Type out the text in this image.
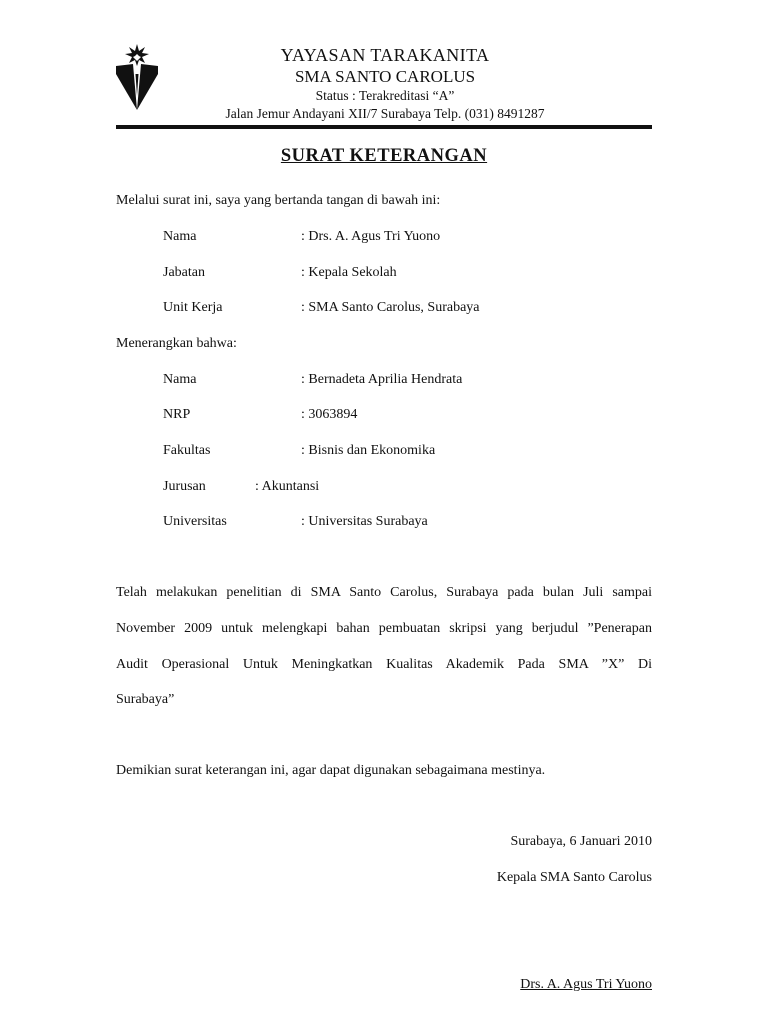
YAYASAN TARAKANITA
SMA SANTO CAROLUS
Status : Terakreditasi “A”
Jalan Jemur Andayani XII/7 Surabaya Telp. (031) 8491287
SURAT KETERANGAN
Melalui surat ini, saya yang bertanda tangan di bawah ini:
Nama	: Drs. A. Agus Tri Yuono
Jabatan	: Kepala Sekolah
Unit Kerja	: SMA Santo Carolus, Surabaya
Menerangkan bahwa:
Nama	: Bernadeta Aprilia Hendrata
NRP	: 3063894
Fakultas	: Bisnis dan Ekonomika
Jurusan	: Akuntansi
Universitas	: Universitas Surabaya
Telah melakukan penelitian di SMA Santo Carolus, Surabaya pada bulan Juli sampai
November 2009 untuk melengkapi bahan pembuatan skripsi yang berjudul ”Penerapan
Audit Operasional Untuk Meningkatkan Kualitas Akademik Pada SMA ”X” Di
Surabaya”
Demikian surat keterangan ini, agar dapat digunakan sebagaimana mestinya.
Surabaya, 6 Januari 2010
Kepala SMA Santo Carolus
Drs. A. Agus Tri Yuono
